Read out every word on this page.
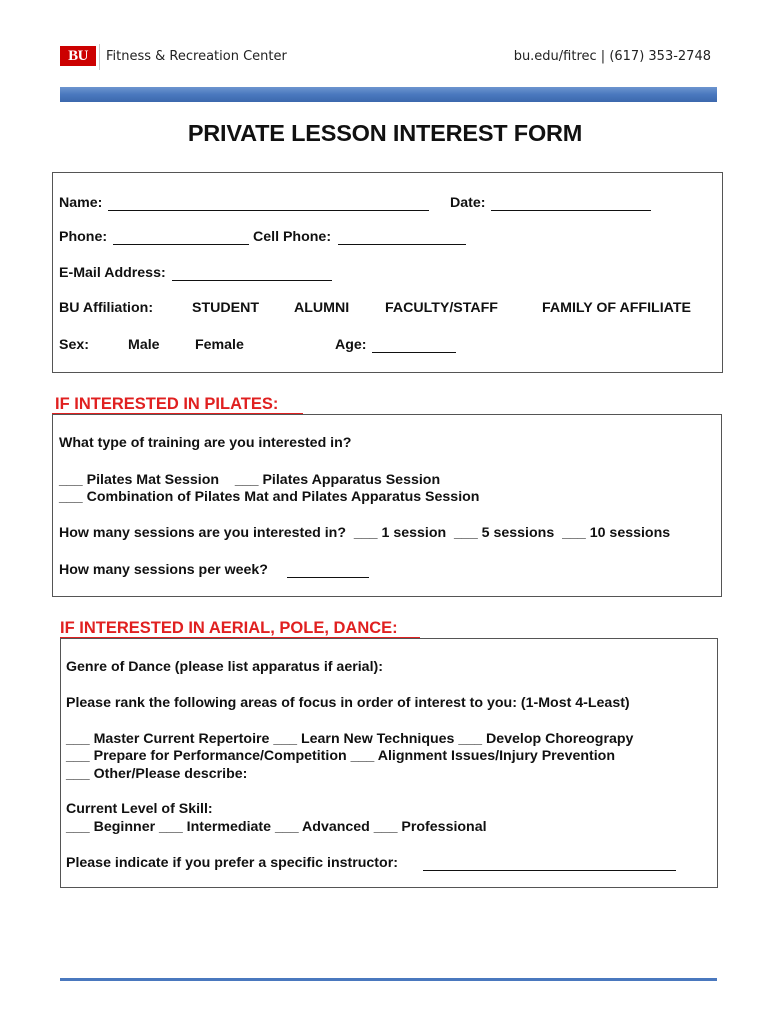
BU	Fitness & Recreation Center	bu.edu/fitrec | (617) 353-2748
PRIVATE LESSON INTEREST FORM
Name:	Date:
Phone:	Cell Phone:
E-Mail Address:
BU Affiliation:	STUDENT ALUMNI	FACULTY/STAFF	FAMILY OF AFFILIATE
Sex:	Male Female	Age:
IF INTERESTED IN PILATES:
What type of training are you interested in?
___ Pilates Mat Session    ___ Pilates Apparatus Session
___ Combination of Pilates Mat and Pilates Apparatus Session
How many sessions are you interested in?  ___ 1 session  ___ 5 sessions  ___ 10 sessions
How many sessions per week?
IF INTERESTED IN AERIAL, POLE, DANCE:
Genre of Dance (please list apparatus if aerial):
Please rank the following areas of focus in order of interest to you: (1-Most 4-Least)
___ Master Current Repertoire ___ Learn New Techniques ___ Develop Choreograpy
___ Prepare for Performance/Competition ___ Alignment Issues/Injury Prevention
___ Other/Please describe:
Current Level of Skill:
___ Beginner ___ Intermediate ___ Advanced ___ Professional
Please indicate if you prefer a specific instructor:
